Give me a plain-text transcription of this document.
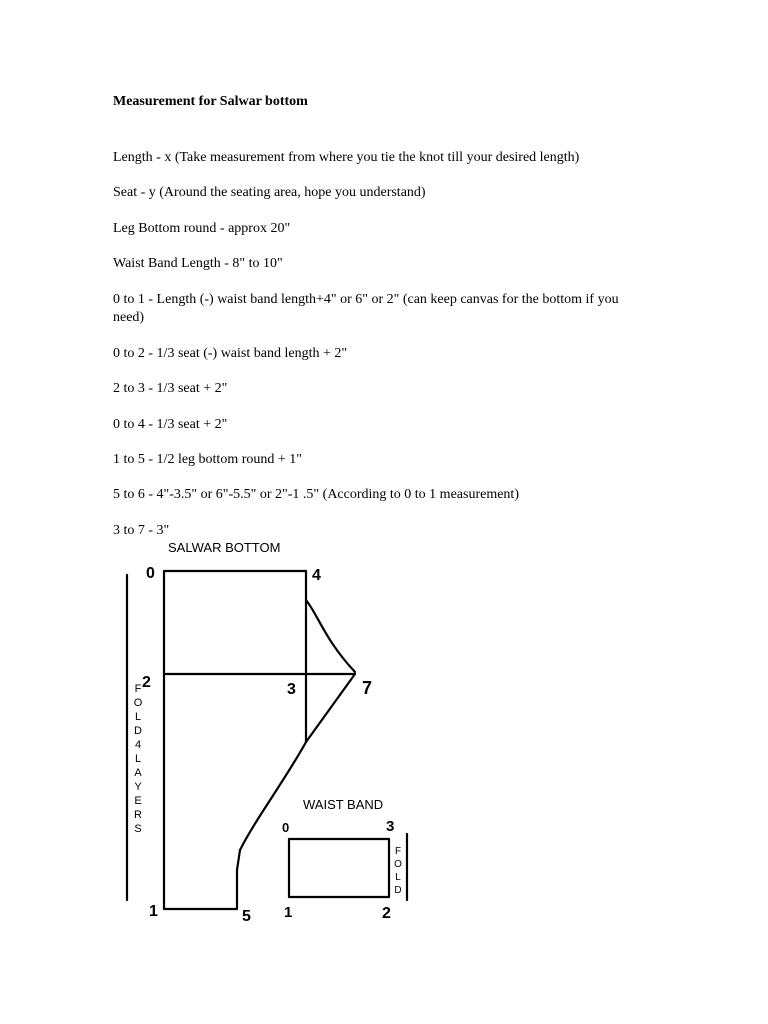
Measurement for Salwar bottom
Length - x (Take measurement from where you tie the knot till your desired length)
Seat - y (Around the seating area, hope you understand)
Leg Bottom round - approx 20"
Waist Band Length - 8" to 10"
0 to 1 - Length (-) waist band length+4" or 6" or 2" (can keep canvas for the bottom if you need)
0 to 2 - 1/3 seat (-) waist band length + 2"
2 to 3 - 1/3 seat + 2"
0 to 4 - 1/3 seat + 2"
1 to 5 - 1/2 leg bottom round + 1"
5 to 6 - 4"-3.5" or 6"-5.5" or 2"-1 .5" (According to 0 to 1 measurement)
3 to 7 - 3"
SALWAR BOTTOM
F
O
L
D
4
L
A
Y
E
R
S
0	4
2	3	7
1	5
WAIST BAND
F
O
L
D
0	3
1	2
